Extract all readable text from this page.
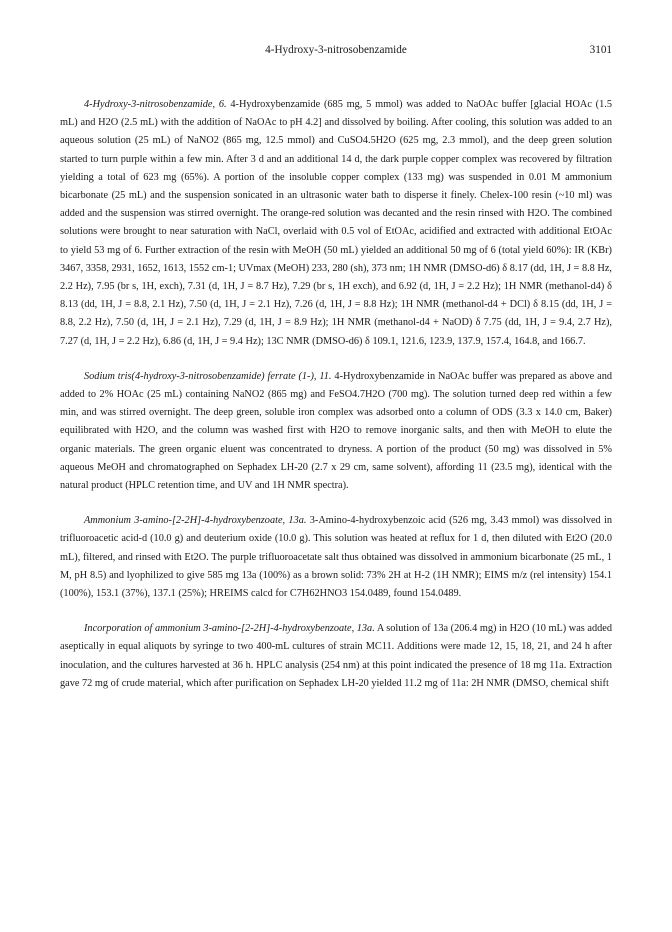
4-Hydroxy-3-nitrosobenzamide	3101

4-Hydroxy-3-nitrosobenzamide, 6. 4-Hydroxybenzamide (685 mg, 5 mmol) was added to NaOAc buffer [glacial HOAc (1.5 mL) and H2O (2.5 mL) with the addition of NaOAc to pH 4.2] and dissolved by boiling. After cooling, this solution was added to an aqueous solution (25 mL) of NaNO2 (865 mg, 12.5 mmol) and CuSO4.5H2O (625 mg, 2.3 mmol), and the deep green solution started to turn purple within a few min. After 3 d and an additional 14 d, the dark purple copper complex was recovered by filtration yielding a total of 623 mg (65%). A portion of the insoluble copper complex (133 mg) was suspended in 0.01 M ammonium bicarbonate (25 mL) and the suspension sonicated in an ultrasonic water bath to disperse it finely. Chelex-100 resin (~10 ml) was added and the suspension was stirred overnight. The orange-red solution was decanted and the resin rinsed with H2O. The combined solutions were brought to near saturation with NaCl, overlaid with 0.5 vol of EtOAc, acidified and extracted with additional EtOAc to yield 53 mg of 6. Further extraction of the resin with MeOH (50 mL) yielded an additional 50 mg of 6 (total yield 60%): IR (KBr) 3467, 3358, 2931, 1652, 1613, 1552 cm-1; UVmax (MeOH) 233, 280 (sh), 373 nm; 1H NMR (DMSO-d6) δ 8.17 (dd, 1H, J = 8.8 Hz, 2.2 Hz), 7.95 (br s, 1H, exch), 7.31 (d, 1H, J = 8.7 Hz), 7.29 (br s, 1H exch), and 6.92 (d, 1H, J = 2.2 Hz); 1H NMR (methanol-d4) δ 8.13 (dd, 1H, J = 8.8, 2.1 Hz), 7.50 (d, 1H, J = 2.1 Hz), 7.26 (d, 1H, J = 8.8 Hz); 1H NMR (methanol-d4 + DCl) δ 8.15 (dd, 1H, J = 8.8, 2.2 Hz), 7.50 (d, 1H, J = 2.1 Hz), 7.29 (d, 1H, J = 8.9 Hz); 1H NMR (methanol-d4 + NaOD) δ 7.75 (dd, 1H, J = 9.4, 2.7 Hz), 7.27 (d, 1H, J = 2.2 Hz), 6.86 (d, 1H, J = 9.4 Hz); 13C NMR (DMSO-d6) δ 109.1, 121.6, 123.9, 137.9, 157.4, 164.8, and 166.7.

Sodium tris(4-hydroxy-3-nitrosobenzamide) ferrate (1-), 11. 4-Hydroxybenzamide in NaOAc buffer was prepared as above and added to 2% HOAc (25 mL) containing NaNO2 (865 mg) and FeSO4.7H2O (700 mg). The solution turned deep red within a few min, and was stirred overnight. The deep green, soluble iron complex was adsorbed onto a column of ODS (3.3 x 14.0 cm, Baker) equilibrated with H2O, and the column was washed first with H2O to remove inorganic salts, and then with MeOH to elute the organic materials. The green organic eluent was concentrated to dryness. A portion of the product (50 mg) was dissolved in 5% aqueous MeOH and chromatographed on Sephadex LH-20 (2.7 x 29 cm, same solvent), affording 11 (23.5 mg), identical with the natural product (HPLC retention time, and UV and 1H NMR spectra).

Ammonium 3-amino-[2-2H]-4-hydroxybenzoate, 13a. 3-Amino-4-hydroxybenzoic acid (526 mg, 3.43 mmol) was dissolved in trifluoroacetic acid-d (10.0 g) and deuterium oxide (10.0 g). This solution was heated at reflux for 1 d, then diluted with Et2O (20.0 mL), filtered, and rinsed with Et2O. The purple trifluoroacetate salt thus obtained was dissolved in ammonium bicarbonate (25 mL, 1 M, pH 8.5) and lyophilized to give 585 mg 13a (100%) as a brown solid: 73% 2H at H-2 (1H NMR); EIMS m/z (rel intensity) 154.1 (100%), 153.1 (37%), 137.1 (25%); HREIMS calcd for C7H62HNO3 154.0489, found 154.0489.

Incorporation of ammonium 3-amino-[2-2H]-4-hydroxybenzoate, 13a. A solution of 13a (206.4 mg) in H2O (10 mL) was added aseptically in equal aliquots by syringe to two 400-mL cultures of strain MC11. Additions were made 12, 15, 18, 21, and 24 h after inoculation, and the cultures harvested at 36 h. HPLC analysis (254 nm) at this point indicated the presence of 18 mg 11a. Extraction gave 72 mg of crude material, which after purification on Sephadex LH-20 yielded 11.2 mg of 11a: 2H NMR (DMSO, chemical shift
